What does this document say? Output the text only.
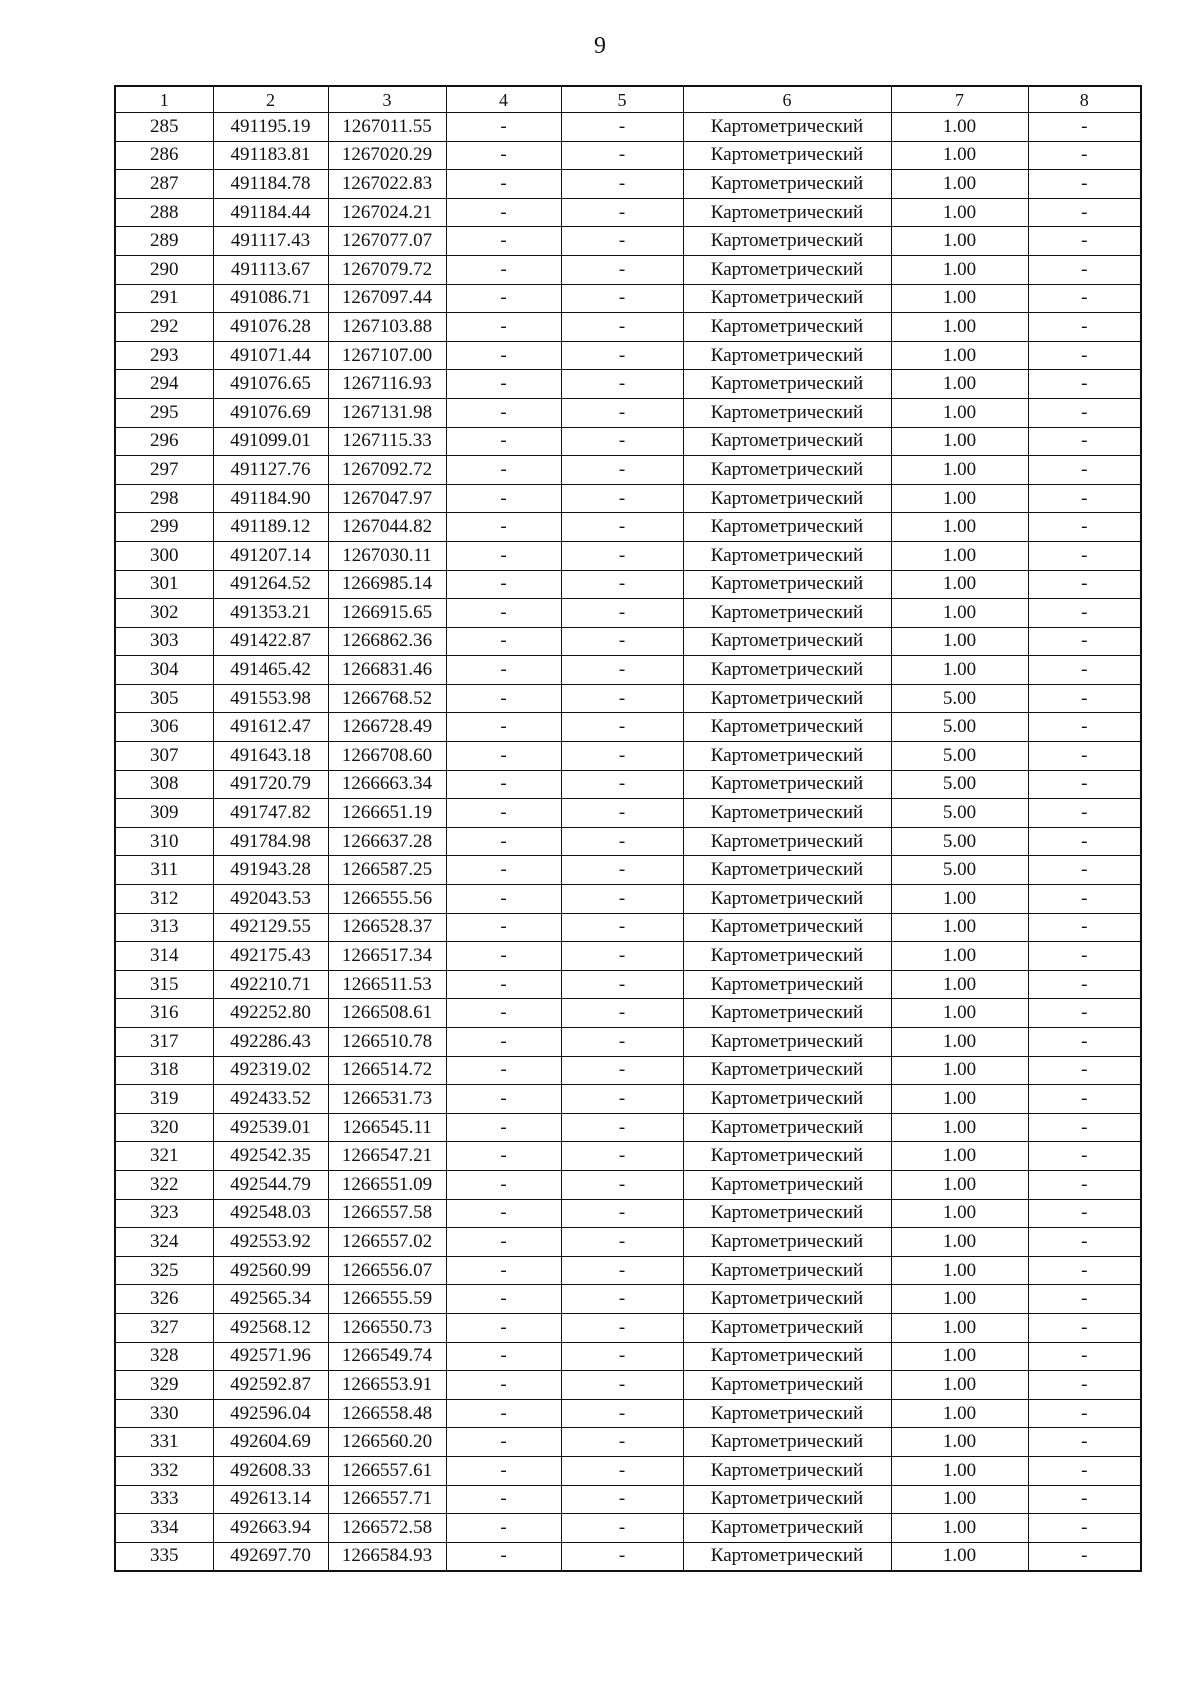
9
1	2	3	4	5	6	7	8
285	491195.19	1267011.55	-	-	Картометрический	1.00	-
286	491183.81	1267020.29	-	-	Картометрический	1.00	-
287	491184.78	1267022.83	-	-	Картометрический	1.00	-
288	491184.44	1267024.21	-	-	Картометрический	1.00	-
289	491117.43	1267077.07	-	-	Картометрический	1.00	-
290	491113.67	1267079.72	-	-	Картометрический	1.00	-
291	491086.71	1267097.44	-	-	Картометрический	1.00	-
292	491076.28	1267103.88	-	-	Картометрический	1.00	-
293	491071.44	1267107.00	-	-	Картометрический	1.00	-
294	491076.65	1267116.93	-	-	Картометрический	1.00	-
295	491076.69	1267131.98	-	-	Картометрический	1.00	-
296	491099.01	1267115.33	-	-	Картометрический	1.00	-
297	491127.76	1267092.72	-	-	Картометрический	1.00	-
298	491184.90	1267047.97	-	-	Картометрический	1.00	-
299	491189.12	1267044.82	-	-	Картометрический	1.00	-
300	491207.14	1267030.11	-	-	Картометрический	1.00	-
301	491264.52	1266985.14	-	-	Картометрический	1.00	-
302	491353.21	1266915.65	-	-	Картометрический	1.00	-
303	491422.87	1266862.36	-	-	Картометрический	1.00	-
304	491465.42	1266831.46	-	-	Картометрический	1.00	-
305	491553.98	1266768.52	-	-	Картометрический	5.00	-
306	491612.47	1266728.49	-	-	Картометрический	5.00	-
307	491643.18	1266708.60	-	-	Картометрический	5.00	-
308	491720.79	1266663.34	-	-	Картометрический	5.00	-
309	491747.82	1266651.19	-	-	Картометрический	5.00	-
310	491784.98	1266637.28	-	-	Картометрический	5.00	-
311	491943.28	1266587.25	-	-	Картометрический	5.00	-
312	492043.53	1266555.56	-	-	Картометрический	1.00	-
313	492129.55	1266528.37	-	-	Картометрический	1.00	-
314	492175.43	1266517.34	-	-	Картометрический	1.00	-
315	492210.71	1266511.53	-	-	Картометрический	1.00	-
316	492252.80	1266508.61	-	-	Картометрический	1.00	-
317	492286.43	1266510.78	-	-	Картометрический	1.00	-
318	492319.02	1266514.72	-	-	Картометрический	1.00	-
319	492433.52	1266531.73	-	-	Картометрический	1.00	-
320	492539.01	1266545.11	-	-	Картометрический	1.00	-
321	492542.35	1266547.21	-	-	Картометрический	1.00	-
322	492544.79	1266551.09	-	-	Картометрический	1.00	-
323	492548.03	1266557.58	-	-	Картометрический	1.00	-
324	492553.92	1266557.02	-	-	Картометрический	1.00	-
325	492560.99	1266556.07	-	-	Картометрический	1.00	-
326	492565.34	1266555.59	-	-	Картометрический	1.00	-
327	492568.12	1266550.73	-	-	Картометрический	1.00	-
328	492571.96	1266549.74	-	-	Картометрический	1.00	-
329	492592.87	1266553.91	-	-	Картометрический	1.00	-
330	492596.04	1266558.48	-	-	Картометрический	1.00	-
331	492604.69	1266560.20	-	-	Картометрический	1.00	-
332	492608.33	1266557.61	-	-	Картометрический	1.00	-
333	492613.14	1266557.71	-	-	Картометрический	1.00	-
334	492663.94	1266572.58	-	-	Картометрический	1.00	-
335	492697.70	1266584.93	-	-	Картометрический	1.00	-
